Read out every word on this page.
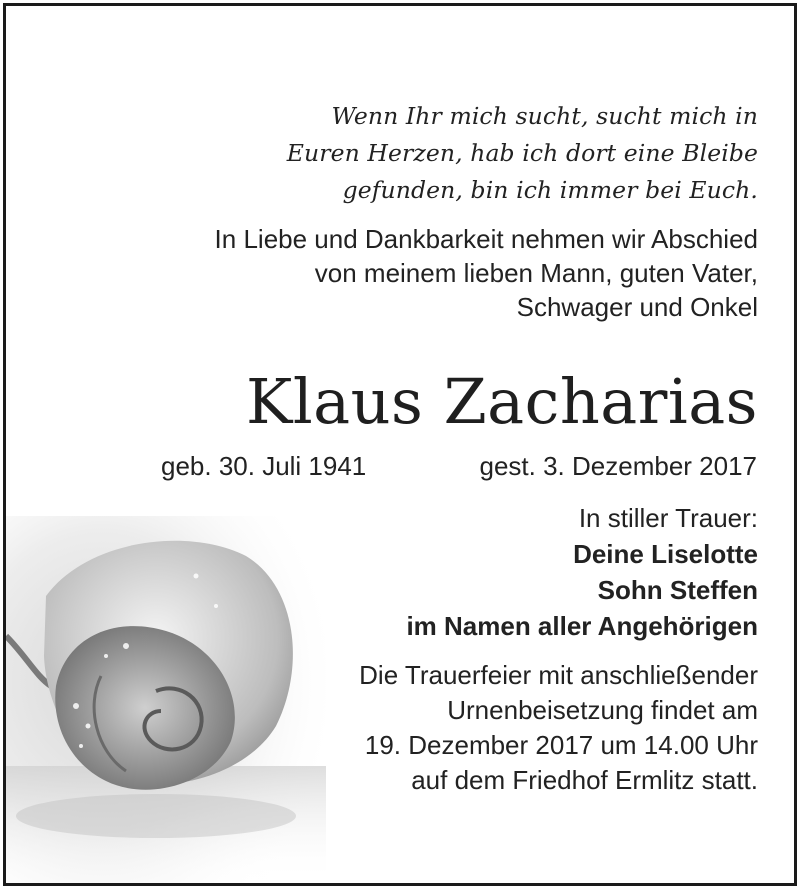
Wenn Ihr mich sucht, sucht mich in
Euren Herzen, hab ich dort eine Bleibe
gefunden, bin ich immer bei Euch.
In Liebe und Dankbarkeit nehmen wir Abschied
von meinem lieben Mann, guten Vater,
Schwager und Onkel
Klaus Zacharias
geb. 30. Juli 1941	gest. 3. Dezember 2017
In stiller Trauer:
Deine Liselotte
Sohn Steffen
im Namen aller Angehörigen
Die Trauerfeier mit anschließender
Urnenbeisetzung findet am
19. Dezember 2017 um 14.00 Uhr
auf dem Friedhof Ermlitz statt.
